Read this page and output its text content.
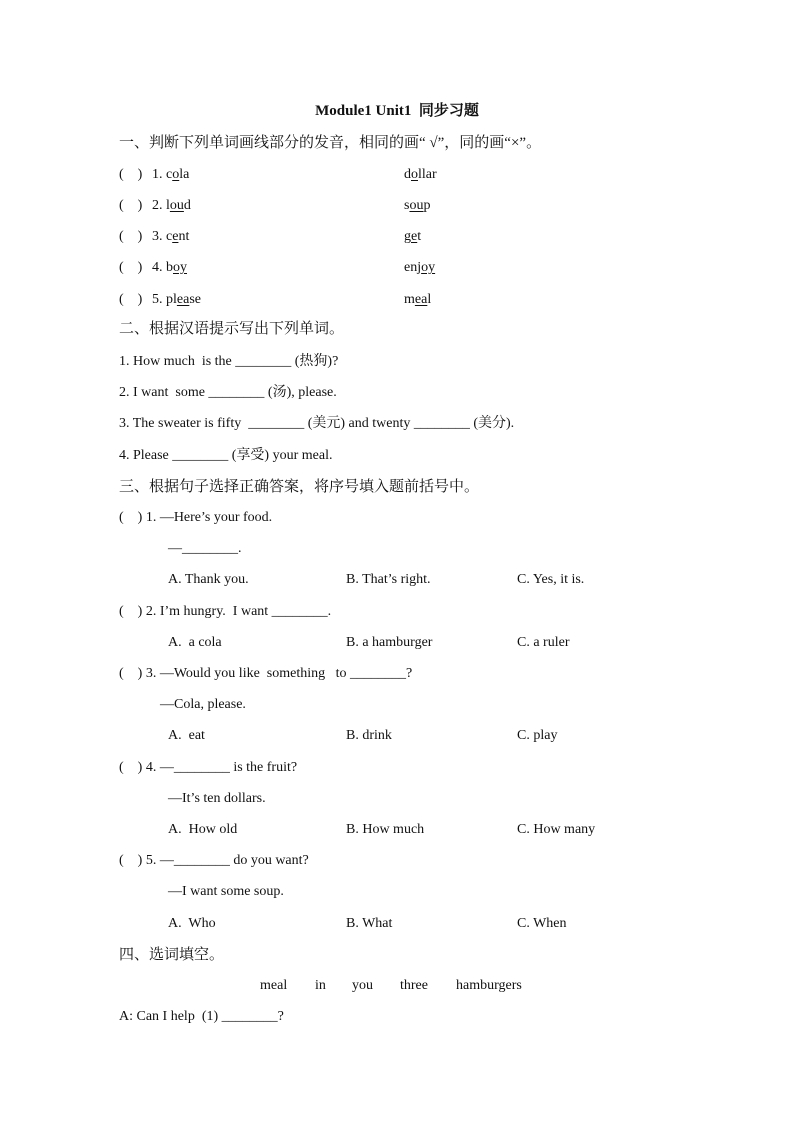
Module1 Unit1  同步习题
一、判断下列单词画线部分的发音，相同的画“ √”，同的画“×”。
(    ) 1. cola	dollar
(    ) 2. loud	soup
(    ) 3. cent	get
(    ) 4. boy	enjoy
(    ) 5. please	meal
二、根据汉语提示写出下列单词。
1. How much  is the ________ (热狗)?
2. I want  some ________ (汤), please.
3. The sweater is fifty  ________ (美元) and twenty ________ (美分).
4. Please ________ (享受) your meal.
三、根据句子选择正确答案，将序号填入题前括号中。
(    ) 1. —Here’s your food.
—________.
A. Thank you.	B. That’s right.	C. Yes, it is.
(    ) 2. I’m hungry.  I want ________.
A.  a cola	B. a hamburger	C. a ruler
(    ) 3. —Would you like  something   to ________?
—Cola, please.
A.  eat	B. drink	C. play
(    ) 4. —________ is the fruit?
—It’s ten dollars.
A.  How old	B. How much	C. How many
(    ) 5. —________ do you want?
—I want some soup.
A.  Who	B. What	C. When
四、选词填空。
meal in you three hamburgers
A: Can I help  (1) ________?
